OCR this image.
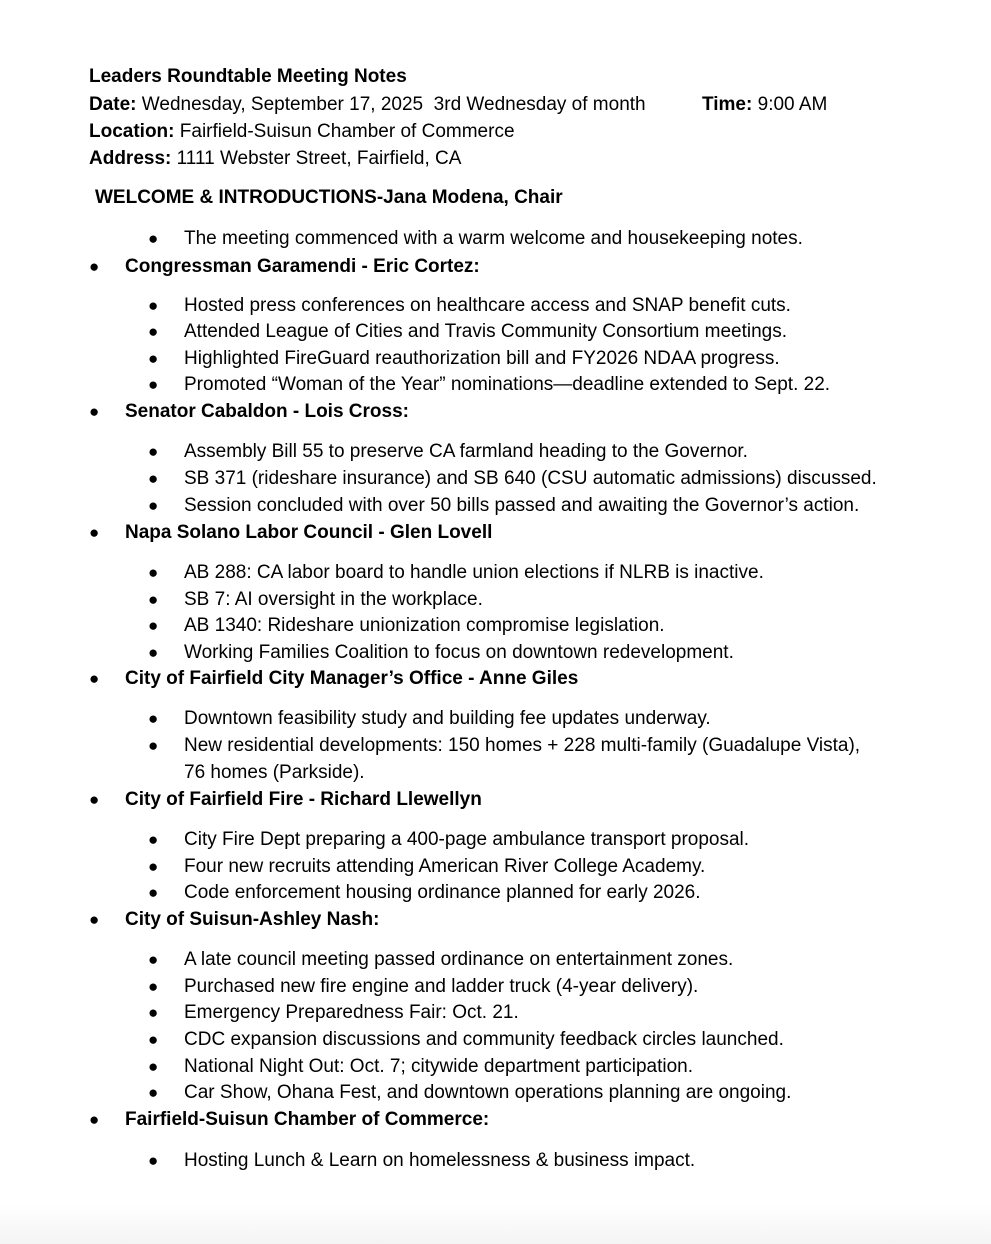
Leaders Roundtable Meeting Notes
Date: Wednesday, September 17, 2025  3rd Wednesday of month	Time: 9:00 AM
Location: Fairfield-Suisun Chamber of Commerce
Address: 1111 Webster Street, Fairfield, CA
WELCOME & INTRODUCTIONS-Jana Modena, Chair
● The meeting commenced with a warm welcome and housekeeping notes.
● Congressman Garamendi - Eric Cortez:
● Hosted press conferences on healthcare access and SNAP benefit cuts.
● Attended League of Cities and Travis Community Consortium meetings.
● Highlighted FireGuard reauthorization bill and FY2026 NDAA progress.
● Promoted “Woman of the Year” nominations—deadline extended to Sept. 22.
● Senator Cabaldon - Lois Cross:
● Assembly Bill 55 to preserve CA farmland heading to the Governor.
● SB 371 (rideshare insurance) and SB 640 (CSU automatic admissions) discussed.
● Session concluded with over 50 bills passed and awaiting the Governor’s action.
● Napa Solano Labor Council - Glen Lovell
● AB 288: CA labor board to handle union elections if NLRB is inactive.
● SB 7: AI oversight in the workplace.
● AB 1340: Rideshare unionization compromise legislation.
● Working Families Coalition to focus on downtown redevelopment.
● City of Fairfield City Manager’s Office - Anne Giles
● Downtown feasibility study and building fee updates underway.
● New residential developments: 150 homes + 228 multi-family (Guadalupe Vista),
76 homes (Parkside).
● City of Fairfield Fire - Richard Llewellyn
● City Fire Dept preparing a 400-page ambulance transport proposal.
● Four new recruits attending American River College Academy.
● Code enforcement housing ordinance planned for early 2026.
● City of Suisun-Ashley Nash:
● A late council meeting passed ordinance on entertainment zones.
● Purchased new fire engine and ladder truck (4-year delivery).
● Emergency Preparedness Fair: Oct. 21.
● CDC expansion discussions and community feedback circles launched.
● National Night Out: Oct. 7; citywide department participation.
● Car Show, Ohana Fest, and downtown operations planning are ongoing.
● Fairfield-Suisun Chamber of Commerce:
● Hosting Lunch & Learn on homelessness & business impact.
